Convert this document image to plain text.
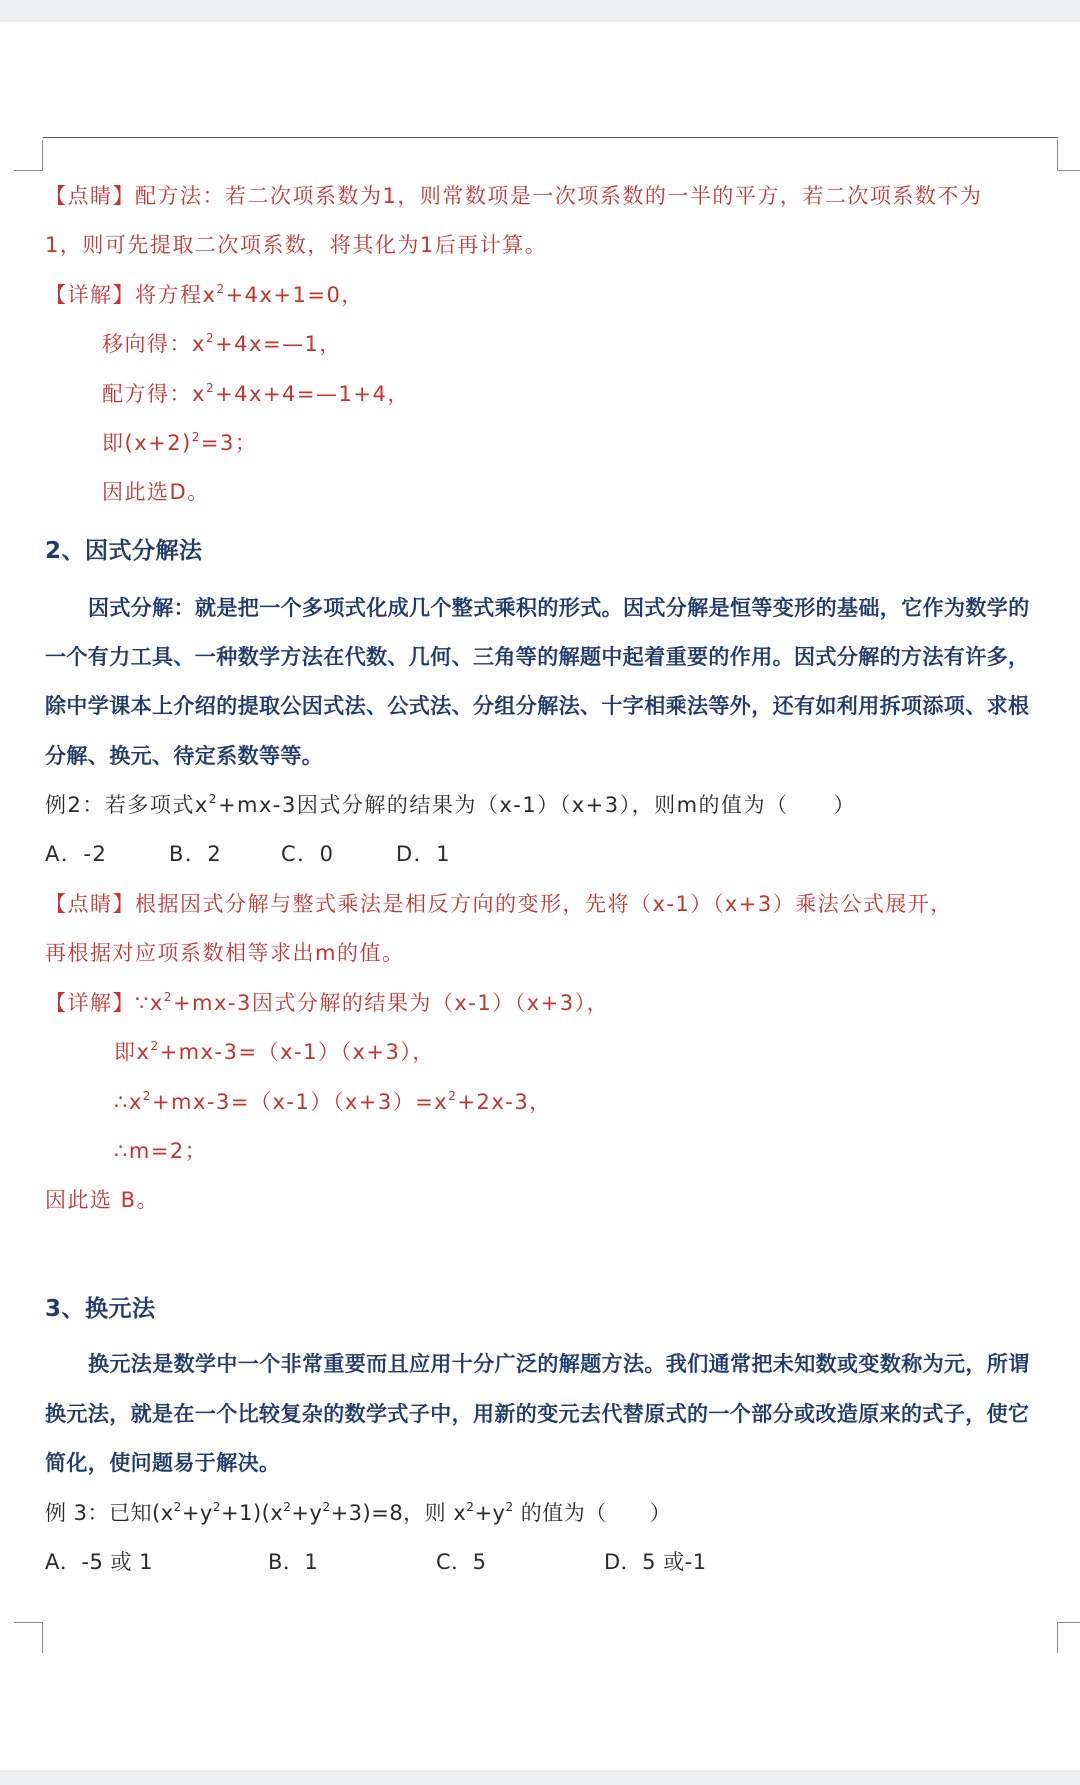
【点睛】配方法：若二次项系数为1，则常数项是一次项系数的一半的平方，若二次项系数不为
1，则可先提取二次项系数，将其化为1后再计算。
【详解】将方程$x^2+4x+1=0$，
移向得：$x^2+4x=—1$，
配方得：$x^2+4x+4=—1+4$，
即$(x+2)^2=3$；
因此选D。
2、因式分解法
因式分解：就是把一个多项式化成几个整式乘积的形式。因式分解是恒等变形的基础，它作为数学的
一个有力工具、一种数学方法在代数、几何、三角等的解题中起着重要的作用。因式分解的方法有许多，
除中学课本上介绍的提取公因式法、公式法、分组分解法、十字相乘法等外，还有如利用拆项添项、求根
分解、换元、待定系数等等。
例2：若多项式$x^2+mx-3$因式分解的结果为（x-1）（x+3），则m的值为（　　）
A．-2	B．2	C．0	D．1
【点睛】根据因式分解与整式乘法是相反方向的变形，先将（x-1）（x+3）乘法公式展开，
再根据对应项系数相等求出m的值。
【详解】$\because x^2+mx-3$因式分解的结果为（x-1）（x+3），
即$x^2+mx-3=(x-1)(x+3)$，
$\therefore x^2+mx-3=(x-1)(x+3)=x^2+2x-3$，
∴m=2；
因此选 B。
3、换元法
换元法是数学中一个非常重要而且应用十分广泛的解题方法。我们通常把未知数或变数称为元，所谓
换元法，就是在一个比较复杂的数学式子中，用新的变元去代替原式的一个部分或改造原来的式子，使它
简化，使问题易于解决。
例 3：已知$(x^2+y^2+1)(x^2+y^2+3)=8$，则 $x^2+y^2$ 的值为（　　）
A．-5 或 1	B．1	C．5	D．5 或-1
